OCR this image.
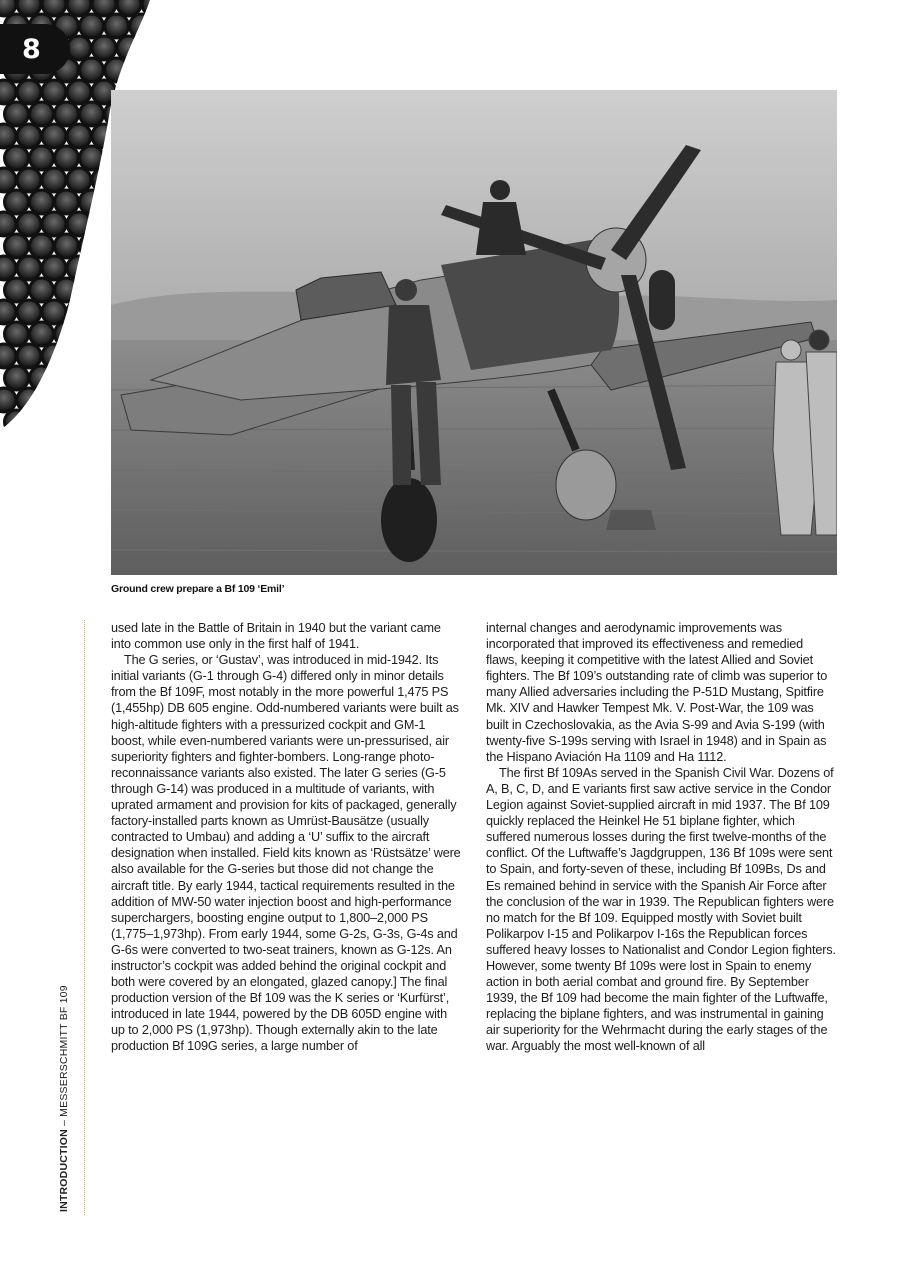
8
Ground crew prepare a Bf 109 ‘Emil’

used late in the Battle of Britain in 1940 but the variant came into common use only in the first half of 1941.

The G series, or ‘Gustav’, was introduced in mid-1942. Its initial variants (G-1 through G-4) differed only in minor details from the Bf 109F, most notably in the more powerful 1,475 PS (1,455hp) DB 605 engine. Odd-numbered variants were built as high-altitude fighters with a pressurized cockpit and GM-1 boost, while even-numbered variants were un-pressurised, air superiority fighters and fighter-bombers. Long-range photo-reconnaissance variants also existed. The later G series (G-5 through G-14) was produced in a multitude of variants, with uprated armament and provision for kits of packaged, generally factory-installed parts known as Umrüst-Bausätze (usually contracted to Umbau) and adding a ‘U’ suffix to the aircraft designation when installed. Field kits known as ‘Rüstsätze’ were also available for the G-series but those did not change the aircraft title. By early 1944, tactical requirements resulted in the addition of MW-50 water injection boost and high-performance superchargers, boosting engine output to 1,800–2,000 PS (1,775–1,973hp). From early 1944, some G-2s, G-3s, G-4s and G-6s were converted to two-seat trainers, known as G-12s. An instructor’s cockpit was added behind the original cockpit and both were covered by an elongated, glazed canopy.] The final production version of the Bf 109 was the K series or ‘Kurfürst’, introduced in late 1944, powered by the DB 605D engine with up to 2,000 PS (1,973hp). Though externally akin to the late production Bf 109G series, a large number of

internal changes and aerodynamic improvements was incorporated that improved its effectiveness and remedied flaws, keeping it competitive with the latest Allied and Soviet fighters. The Bf 109’s outstanding rate of climb was superior to many Allied adversaries including the P-51D Mustang, Spitfire Mk. XIV and Hawker Tempest Mk. V. Post-War, the 109 was built in Czechoslovakia, as the Avia S-99 and Avia S-199 (with twenty-five S-199s serving with Israel in 1948) and in Spain as the Hispano Aviación Ha 1109 and Ha 1112.

The first Bf 109As served in the Spanish Civil War. Dozens of A, B, C, D, and E variants first saw active service in the Condor Legion against Soviet-supplied aircraft in mid 1937. The Bf 109 quickly replaced the Heinkel He 51 biplane fighter, which suffered numerous losses during the first twelve-months of the conflict. Of the Luftwaffe’s Jagdgruppen, 136 Bf 109s were sent to Spain, and forty-seven of these, including Bf 109Bs, Ds and Es remained behind in service with the Spanish Air Force after the conclusion of the war in 1939. The Republican fighters were no match for the Bf 109. Equipped mostly with Soviet built Polikarpov I-15 and Polikarpov I-16s the Republican forces suffered heavy losses to Nationalist and Condor Legion fighters. However, some twenty Bf 109s were lost in Spain to enemy action in both aerial combat and ground fire. By September 1939, the Bf 109 had become the main fighter of the Luftwaffe, replacing the biplane fighters, and was instrumental in gaining air superiority for the Wehrmacht during the early stages of the war. Arguably the most well-known of all

INTRODUCTION – MESSERSCHMITT BF 109
